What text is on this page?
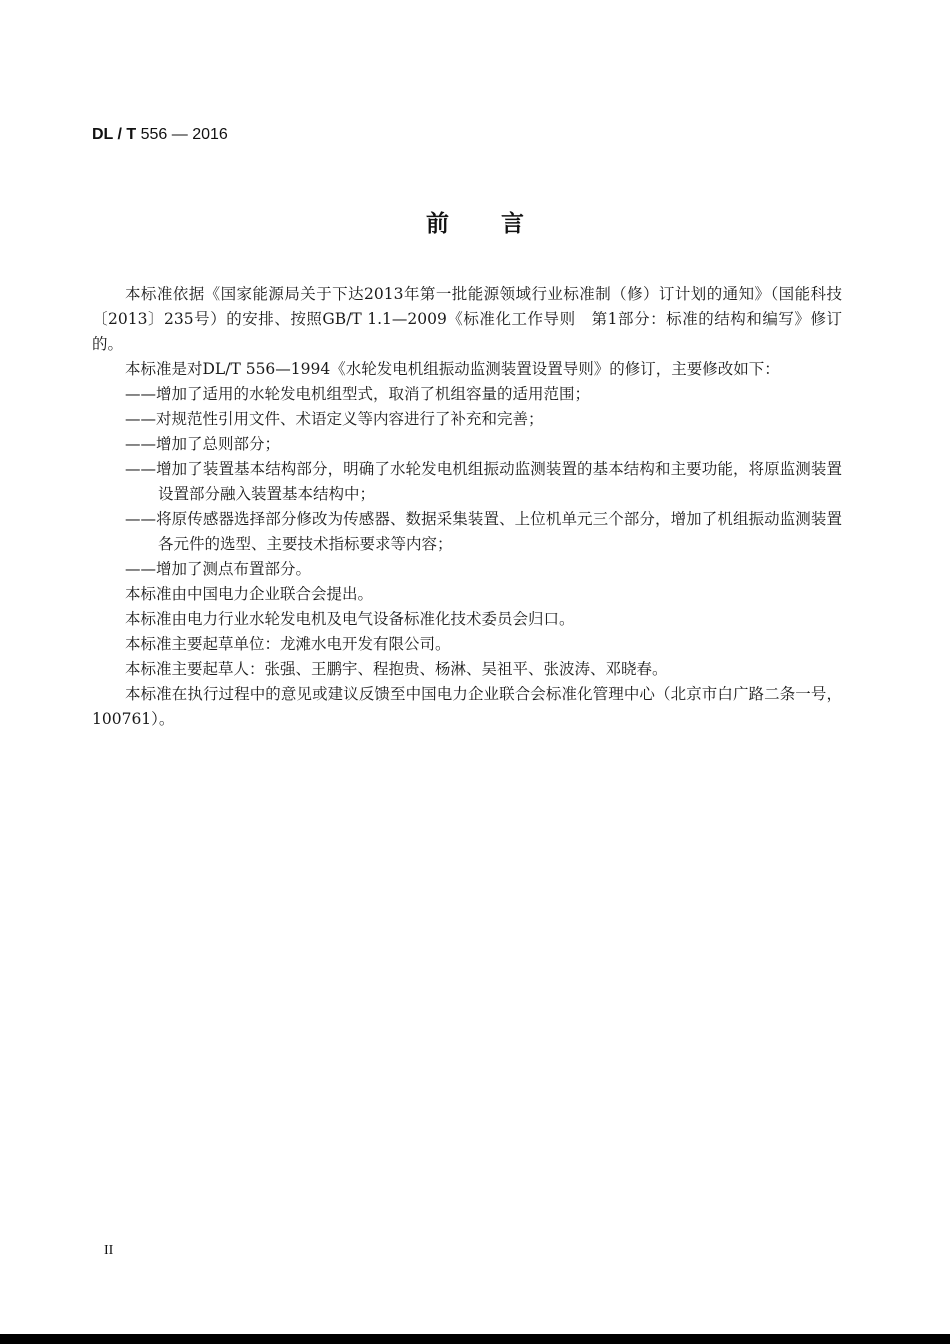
DL / T 556 — 2016
前言

本标准依据《国家能源局关于下达2013年第一批能源领域行业标准制（修）订计划的通知》（国能科技〔2013〕235号）的安排、按照GB/T 1.1—2009《标准化工作导则　第1部分：标准的结构和编写》修订的。

本标准是对DL/T 556—1994《水轮发电机组振动监测装置设置导则》的修订，主要修改如下：

——增加了适用的水轮发电机组型式，取消了机组容量的适用范围；

——对规范性引用文件、术语定义等内容进行了补充和完善；

——增加了总则部分；

——增加了装置基本结构部分，明确了水轮发电机组振动监测装置的基本结构和主要功能，将原监测装置设置部分融入装置基本结构中；

——将原传感器选择部分修改为传感器、数据采集装置、上位机单元三个部分，增加了机组振动监测装置各元件的选型、主要技术指标要求等内容；

——增加了测点布置部分。

本标准由中国电力企业联合会提出。

本标准由电力行业水轮发电机及电气设备标准化技术委员会归口。

本标准主要起草单位：龙滩水电开发有限公司。

本标准主要起草人：张强、王鹏宇、程抱贵、杨淋、吴祖平、张波涛、邓晓春。

本标准在执行过程中的意见或建议反馈至中国电力企业联合会标准化管理中心（北京市白广路二条一号，100761）。

II
